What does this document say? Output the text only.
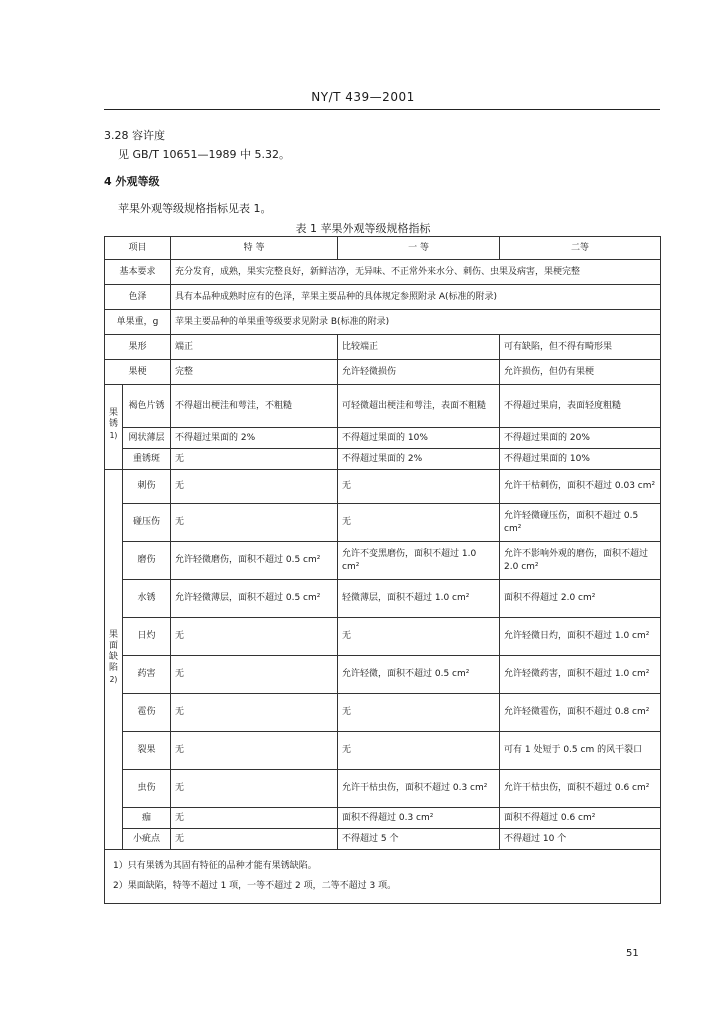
NY/T 439—2001
3.28 容许度
见 GB/T 10651—1989 中 5.32。
4 外观等级
苹果外观等级规格指标见表 1。
表 1 苹果外观等级规格指标
项目		特 等	一 等	二等
基本要求		充分发育，成熟，果实完整良好，新鲜洁净，无异味、不正常外来水分、刺伤、虫果及病害，果梗完整		
色泽		具有本品种成熟时应有的色泽，苹果主要品种的具体规定参照附录 A(标准的附录)		
单果重，g		苹果主要品种的单果重等级要求见附录 B(标准的附录)		
果形		端正	比较端正	可有缺陷，但不得有畸形果
果梗		完整	允许轻微损伤	允许损伤，但仍有果梗
果锈$^{1)}$	褐色片锈	不得超出梗洼和萼洼，不粗糙	可轻微超出梗洼和萼洼，表面不粗糙	不得超过果肩，表面轻度粗糙
	网状薄层	不得超过果面的 2%	不得超过果面的 10%	不得超过果面的 20%
	重锈斑	无	不得超过果面的 2%	不得超过果面的 10%
果面缺陷$^{2)}$	刺伤	无	无	允许干枯刺伤，面积不超过 0.03 cm²
	碰压伤	无	无	允许轻微碰压伤，面积不超过 0.5 cm²
	磨伤	允许轻微磨伤，面积不超过 0.5 cm²	允许不变黑磨伤，面积不超过 1.0 cm²	允许不影响外观的磨伤，面积不超过 2.0 cm²
	水锈	允许轻微薄层，面积不超过 0.5 cm²	轻微薄层，面积不超过 1.0 cm²	面积不得超过 2.0 cm²
	日灼	无	无	允许轻微日灼，面积不超过 1.0 cm²
	药害	无	允许轻微，面积不超过 0.5 cm²	允许轻微药害，面积不超过 1.0 cm²
	雹伤	无	无	允许轻微雹伤，面积不超过 0.8 cm²
	裂果	无	无	可有 1 处短于 0.5 cm 的风干裂口
	虫伤	无	允许干枯虫伤，面积不超过 0.3 cm²	允许干枯虫伤，面积不超过 0.6 cm²
	痂	无	面积不得超过 0.3 cm²	面积不得超过 0.6 cm²
	小疵点	无	不得超过 5 个	不得超过 10 个

1）只有果锈为其固有特征的品种才能有果锈缺陷。
2）果面缺陷，特等不超过 1 项，一等不超过 2 项，二等不超过 3 项。				
51
